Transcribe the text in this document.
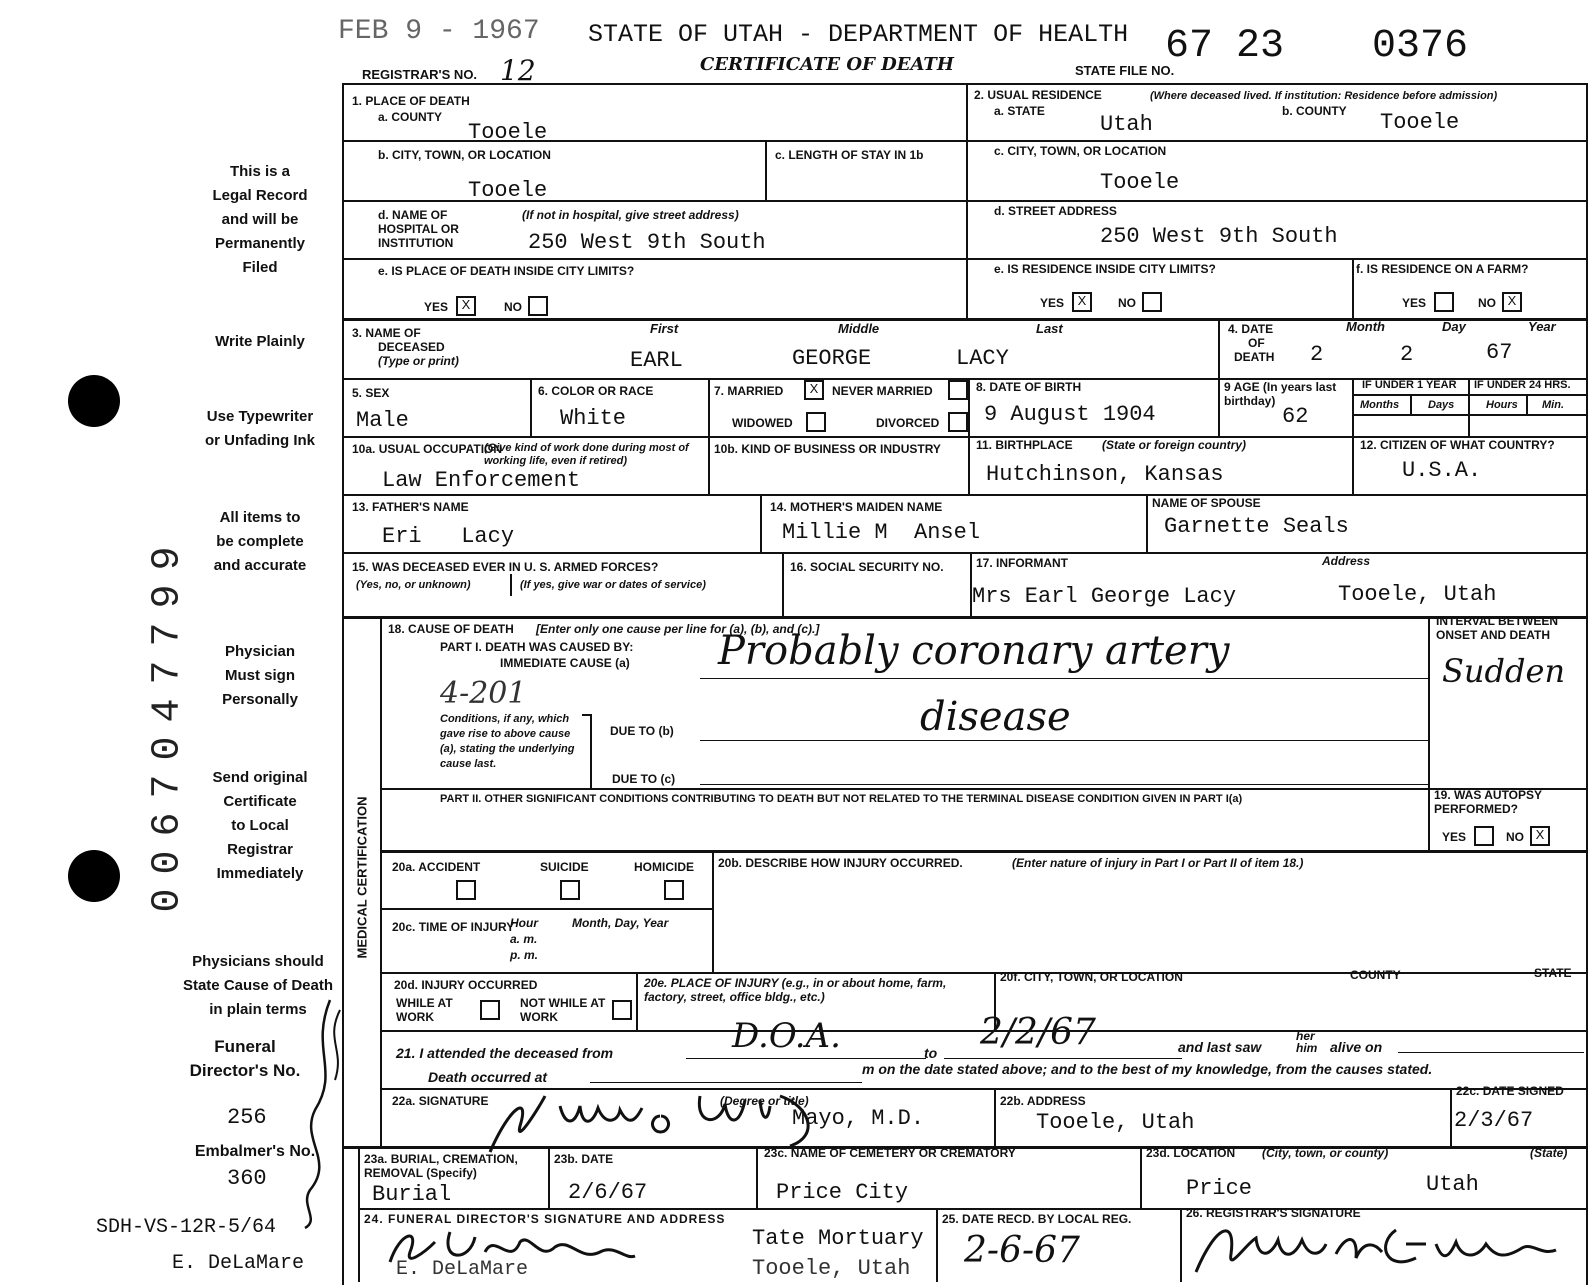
0067047799
FEB 9 - 1967 STATE OF UTAH - DEPARTMENT OF HEALTH 67 23 0376
REGISTRAR'S NO. 12	CERTIFICATE OF DEATH	STATE FILE NO.
This is a
Legal Record
and will be
Permanently
Filed
Write Plainly
Use Typewriter
or Unfading Ink
All items to
be complete
and accurate
Physician
Must sign
Personally
Send original
Certificate
to Local
Registrar
Immediately
Physicians should
State Cause of Death
in plain terms
Funeral
Director's No.
256
Embalmer's No.
360
SDH-VS-12R-5/64
E. DeLaMare
1. PLACE OF DEATH
a. COUNTY
Tooele
b. CITY, TOWN, OR LOCATION
Tooele
c. LENGTH OF STAY IN 1b
d. NAME OF
HOSPITAL OR
INSTITUTION
(If not in hospital, give street address)
250 West 9th South
e. IS PLACE OF DEATH INSIDE CITY LIMITS?
YES	X	NO
2. USUAL RESIDENCE	(Where deceased lived. If institution: Residence before admission)
a. STATE
Utah
b. COUNTY Tooele
c. CITY, TOWN, OR LOCATION
Tooele
d. STREET ADDRESS
250 West 9th South
e. IS RESIDENCE INSIDE CITY LIMITS?
YES	X	NO
f. IS RESIDENCE ON A FARM?
YES	NO X
3. NAME OF
DECEASED
(Type or print)
First	Middle	Last
EARL	GEORGE	LACY
4. DATE
OF
DEATH
Month	Day	Year
2	2	67
5. SEX
Male
6. COLOR OR RACE
White
7. MARRIED	X	NEVER MARRIED
WIDOWED	DIVORCED
8. DATE OF BIRTH
9 August 1904
9 AGE (In years last birthday)
62
IF UNDER 1 YEAR IF UNDER 24 HRS.
Months	Days	Hours Min.
10a. USUAL OCCUPATION
(Give kind of work done during most of working life, even if retired)
Law Enforcement
10b. KIND OF BUSINESS OR INDUSTRY	11. BIRTHPLACE (State or foreign country)
Hutchinson, Kansas
12. CITIZEN OF WHAT COUNTRY?
U.S.A.
13. FATHER'S NAME
Eri   Lacy
14. MOTHER'S MAIDEN NAME
Millie M  Ansel
NAME OF SPOUSE
Garnette Seals
15. WAS DECEASED EVER IN U. S. ARMED FORCES?
(Yes, no, or unknown)	(If yes, give war or dates of service)
16. SOCIAL SECURITY NO.	17. INFORMANT	Address
Mrs Earl George Lacy	Tooele, Utah
MEDICAL CERTIFICATION
18. CAUSE OF DEATH [Enter only one cause per line for (a), (b), and (c).]
PART I. DEATH WAS CAUSED BY:
IMMEDIATE CAUSE (a) Probably coronary artery
4-201
Conditions, if any, which gave rise to above cause (a), stating the underlying cause last.
DUE TO (b)	disease
DUE TO (c)
INTERVAL BETWEEN ONSET AND DEATH
Sudden
PART II. OTHER SIGNIFICANT CONDITIONS CONTRIBUTING TO DEATH BUT NOT RELATED TO THE TERMINAL DISEASE CONDITION GIVEN IN PART I(a)	19. WAS AUTOPSY PERFORMED?
YES	NO X
20a. ACCIDENT	SUICIDE	HOMICIDE 20b. DESCRIBE HOW INJURY OCCURRED.	(Enter nature of injury in Part I or Part II of item 18.)
20c. TIME OF INJURY
Hour
a. m.
p. m.
Month, Day, Year
20d. INJURY OCCURRED
WHILE AT WORK
NOT WHILE AT WORK
20e. PLACE OF INJURY (e.g., in or about home, farm, factory, street, office bldg., etc.)
20f. CITY, TOWN, OR LOCATION	COUNTY	STATE
21. I attended the deceased from	D.O.A.	to 2/2/67	and last saw
her him alive on
Death occurred at	m on the date stated above; and to the best of my knowledge, from the causes stated.
22a. SIGNATURE	(Degree or title)
Mayo, M.D.
22b. ADDRESS
Tooele, Utah
22c. DATE SIGNED
2/3/67
23a. BURIAL, CREMATION, REMOVAL (Specify)
Burial
23b. DATE
2/6/67
23c. NAME OF CEMETERY OR CREMATORY
Price City
23d. LOCATION (City, town, or county)	(State)
Price	Utah
24. FUNERAL DIRECTOR'S SIGNATURE AND ADDRESS
Tate Mortuary
Tooele, Utah
E. DeLaMare
25. DATE RECD. BY LOCAL REG.
2-6-67
26. REGISTRAR'S SIGNATURE
